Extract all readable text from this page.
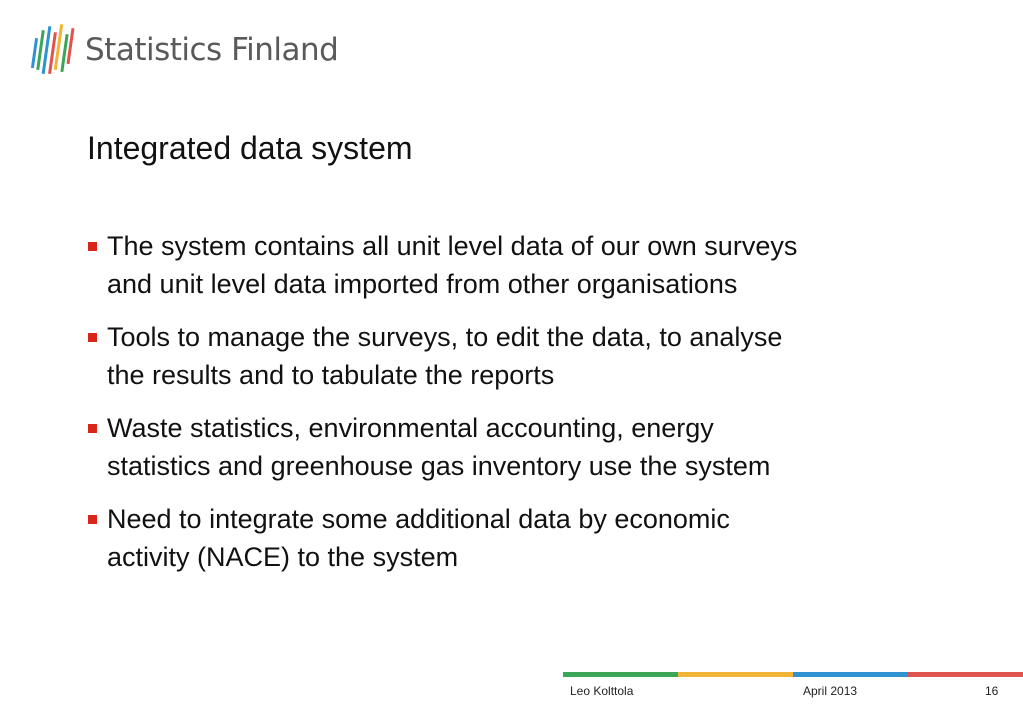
Statistics Finland
Integrated data system
The system contains all unit level data of our own surveys
and unit level data imported from other organisations
Tools to manage the surveys, to edit the data, to analyse
the results and to tabulate the reports
Waste statistics, environmental accounting, energy
statistics and greenhouse gas inventory use the system
Need to integrate some additional data by economic
activity (NACE) to the system
Leo Kolttola	April 2013	16
